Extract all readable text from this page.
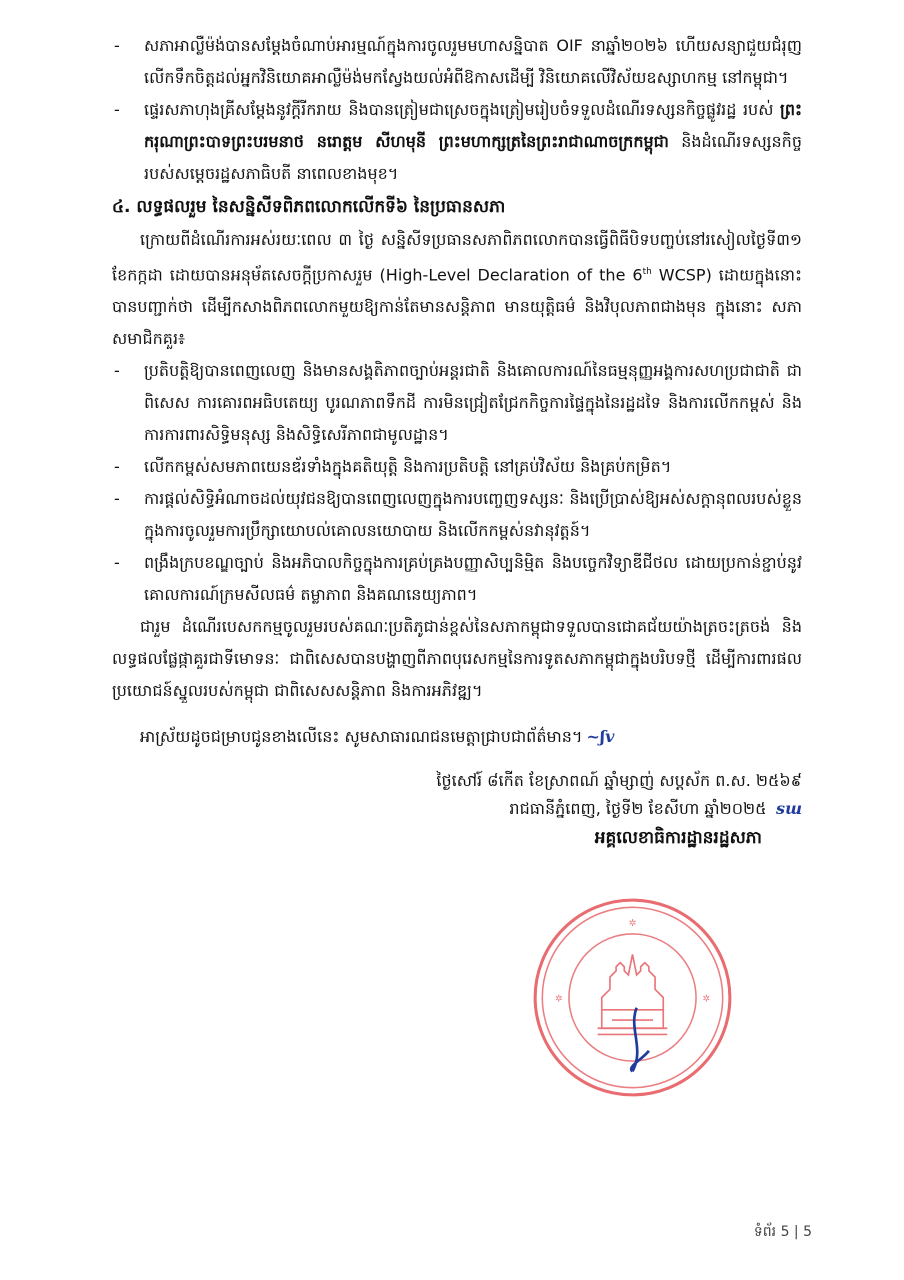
- សភាអាល្លឺម៉ង់បានសម្ដែងចំណាប់អារម្មណ៍ក្នុងការចូលរួមមហាសន្និបាត OIF នាឆ្នាំ២០២៦ ហើយសន្យាជួយជំរុញលើកទឹកចិត្តដល់អ្នកវិនិយោគអាល្លឺម៉ង់មកស្វែងយល់អំពីឱកាសដើម្បី វិនិយោគលើវិស័យឧស្សាហកម្ម នៅកម្ពុជា។

- ផ្ទេរសភាហុងគ្រីសម្ដែងនូវក្ដីរីករាយ និងបានត្រៀមជាស្រេចក្នុងត្រៀមរៀបចំទទួលដំណើរទស្សនកិច្ចផ្លូវរដ្ឋ របស់ ព្រះករុណាព្រះបាទព្រះបរមនាថ នរោត្ដម សីហមុនី ព្រះមហាក្សត្រនៃព្រះរាជាណាចក្រកម្ពុជា និងដំណើរទស្សនកិច្ចរបស់សម្ដេចរដ្ឋសភាធិបតី នាពេលខាងមុខ។

៤. លទ្ធផលរួម នៃសន្និសីទពិភពលោកលើកទី៦ នៃប្រធានសភា

ក្រោយពីដំណើរការអស់រយៈពេល ៣ ថ្ងៃ សន្និសីទប្រធានសភាពិភពលោកបានធ្វើពិធីបិទបញ្ចប់នៅរសៀលថ្ងៃទី៣១ ខែកក្កដា ដោយបានអនុម័តសេចក្ដីប្រកាសរួម (High-Level Declaration of the 6th WCSP) ដោយក្នុងនោះបានបញ្ជាក់ថា ដើម្បីកសាងពិភពលោកមួយឱ្យកាន់តែមានសន្តិភាព មានយុត្តិធម៌ និងវិបុលភាពជាងមុន ក្នុងនោះ សភាសមាជិកគួរ៖

- ប្រតិបត្តិឱ្យបានពេញលេញ និងមានសង្គតិភាពច្បាប់អន្តរជាតិ និងគោលការណ៍នៃធម្មនុញ្ញអង្គការសហប្រជាជាតិ ជាពិសេស ការគោរពអធិបតេយ្យ បូរណភាពទឹកដី ការមិនជ្រៀតជ្រែកកិច្ចការផ្ទៃក្នុងនៃរដ្ឋដទៃ និងការលើកកម្ពស់ និងការការពារសិទ្ធិមនុស្ស និងសិទ្ធិសេរីភាពជាមូលដ្ឋាន។

- លើកកម្ពស់សមភាពយេនឌ័រទាំងក្នុងគតិយុត្តិ និងការប្រតិបត្តិ នៅគ្រប់វិស័យ និងគ្រប់កម្រិត។

- ការផ្ដល់សិទ្ធិអំណាចដល់យុវជនឱ្យបានពេញលេញក្នុងការបញ្ចេញទស្សនៈ និងប្រើប្រាស់ឱ្យអស់សក្ដានុពលរបស់ខ្លួន ក្នុងការចូលរួមការប្រឹក្សាយោបល់គោលនយោបាយ និងលើកកម្ពស់នវានុវត្តន៍។

- ពង្រឹងក្របខណ្ឌច្បាប់ និងអភិបាលកិច្ចក្នុងការគ្រប់គ្រងបញ្ញាសិប្បនិម្មិត និងបច្ចេកវិទ្យាឌីជីថល ដោយប្រកាន់ខ្ជាប់នូវគោលការណ៍ក្រមសីលធម៌ តម្លាភាព និងគណនេយ្យភាព។

ជារួម ដំណើរបេសកកម្មចូលរួមរបស់គណៈប្រតិភូជាន់ខ្ពស់នៃសភាកម្ពុជាទទួលបានជោគជ័យយ៉ាងត្រចះត្រចង់ និងលទ្ធផលផ្លែផ្កាគួរជាទីមោទនៈ ជាពិសេសបានបង្ហាញពីភាពបុរេសកម្មនៃការទូតសភាកម្ពុជាក្នុងបរិបទថ្មី ដើម្បីការពារផលប្រយោជន៍ស្នួលរបស់កម្ពុជា ជាពិសេសសន្តិភាព និងការអភិវឌ្ឍ។

អាស្រ័យដូចជម្រាបជូនខាងលើនេះ សូមសាធារណជនមេត្តាជ្រាបជាព័ត៌មាន។ ~ʃv

ថ្ងៃសៅរ៍ ៨កើត ខែស្រាពណ៍ ឆ្នាំម្សាញ់ សប្តស័ក ព.ស. ២៥៦៩

រាជធានីភ្នំពេញ, ថ្ងៃទី២ ខែសីហា ឆ្នាំ២០២៥ sш

អគ្គលេខាធិការដ្ឋានរដ្ឋសភា

✲
✲	✲
ទំព័រ 5 | 5
